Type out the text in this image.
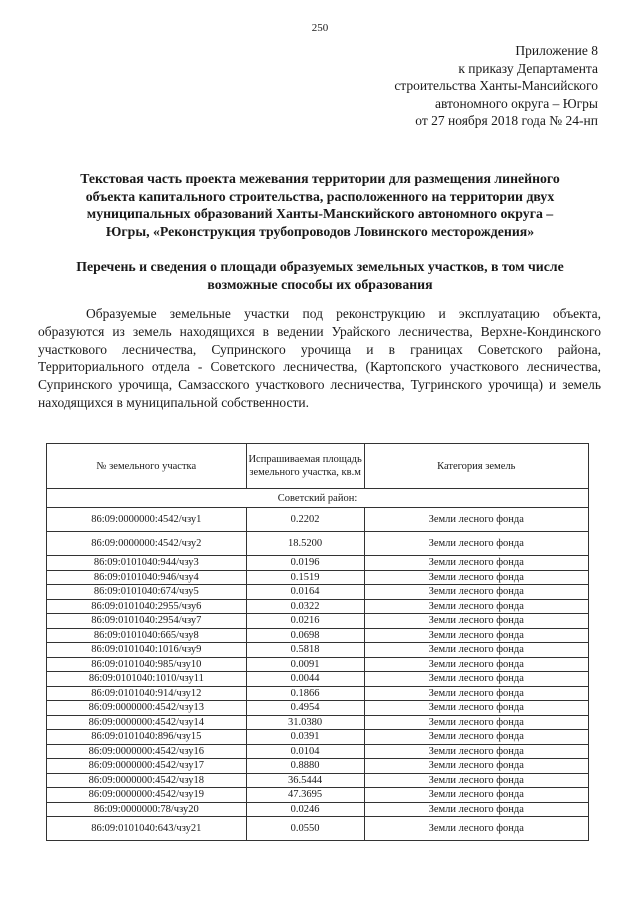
250
Приложение 8
к приказу Департамента
строительства Ханты-Мансийского
автономного округа – Югры
от 27 ноября 2018 года № 24-нп
Текстовая часть проекта межевания территории для размещения линейного
объекта капитального строительства, расположенного на территории двух
муниципальных образований Ханты-Манскийского автономного округа –
Югры, «Реконструкция трубопроводов Ловинского месторождения»
Перечень и сведения о площади образуемых земельных участков, в том числе
возможные способы их образования

Образуемые земельные участки под реконструкцию и эксплуатацию объекта, образуются из земель находящихся в ведении Урайского лесничества, Верхне-Кондинского участкового лесничества, Супринского урочища и в границах Советского района, Территориального отдела - Советского лесничества, (Картопского участкового лесничества, Супринского урочища, Самзасского участкового лесничества, Тугринского урочища) и земель находящихся в муниципальной собственности.

№ земельного участка	Испрашиваемая площадь земельного участка, кв.м	Категория земель
Советский район:		
86:09:0000000:4542/чзу1	0.2202	Земли лесного фонда
86:09:0000000:4542/чзу2	18.5200	Земли лесного фонда
86:09:0101040:944/чзу3	0.0196	Земли лесного фонда
86:09:0101040:946/чзу4	0.1519	Земли лесного фонда
86:09:0101040:674/чзу5	0.0164	Земли лесного фонда
86:09:0101040:2955/чзу6	0.0322	Земли лесного фонда
86:09:0101040:2954/чзу7	0.0216	Земли лесного фонда
86:09:0101040:665/чзу8	0.0698	Земли лесного фонда
86:09:0101040:1016/чзу9	0.5818	Земли лесного фонда
86:09:0101040:985/чзу10	0.0091	Земли лесного фонда
86:09:0101040:1010/чзу11	0.0044	Земли лесного фонда
86:09:0101040:914/чзу12	0.1866	Земли лесного фонда
86:09:0000000:4542/чзу13	0.4954	Земли лесного фонда
86:09:0000000:4542/чзу14	31.0380	Земли лесного фонда
86:09:0101040:896/чзу15	0.0391	Земли лесного фонда
86:09:0000000:4542/чзу16	0.0104	Земли лесного фонда
86:09:0000000:4542/чзу17	0.8880	Земли лесного фонда
86:09:0000000:4542/чзу18	36.5444	Земли лесного фонда
86:09:0000000:4542/чзу19	47.3695	Земли лесного фонда
86:09:0000000:78/чзу20	0.0246	Земли лесного фонда
86:09:0101040:643/чзу21	0.0550	Земли лесного фонда
